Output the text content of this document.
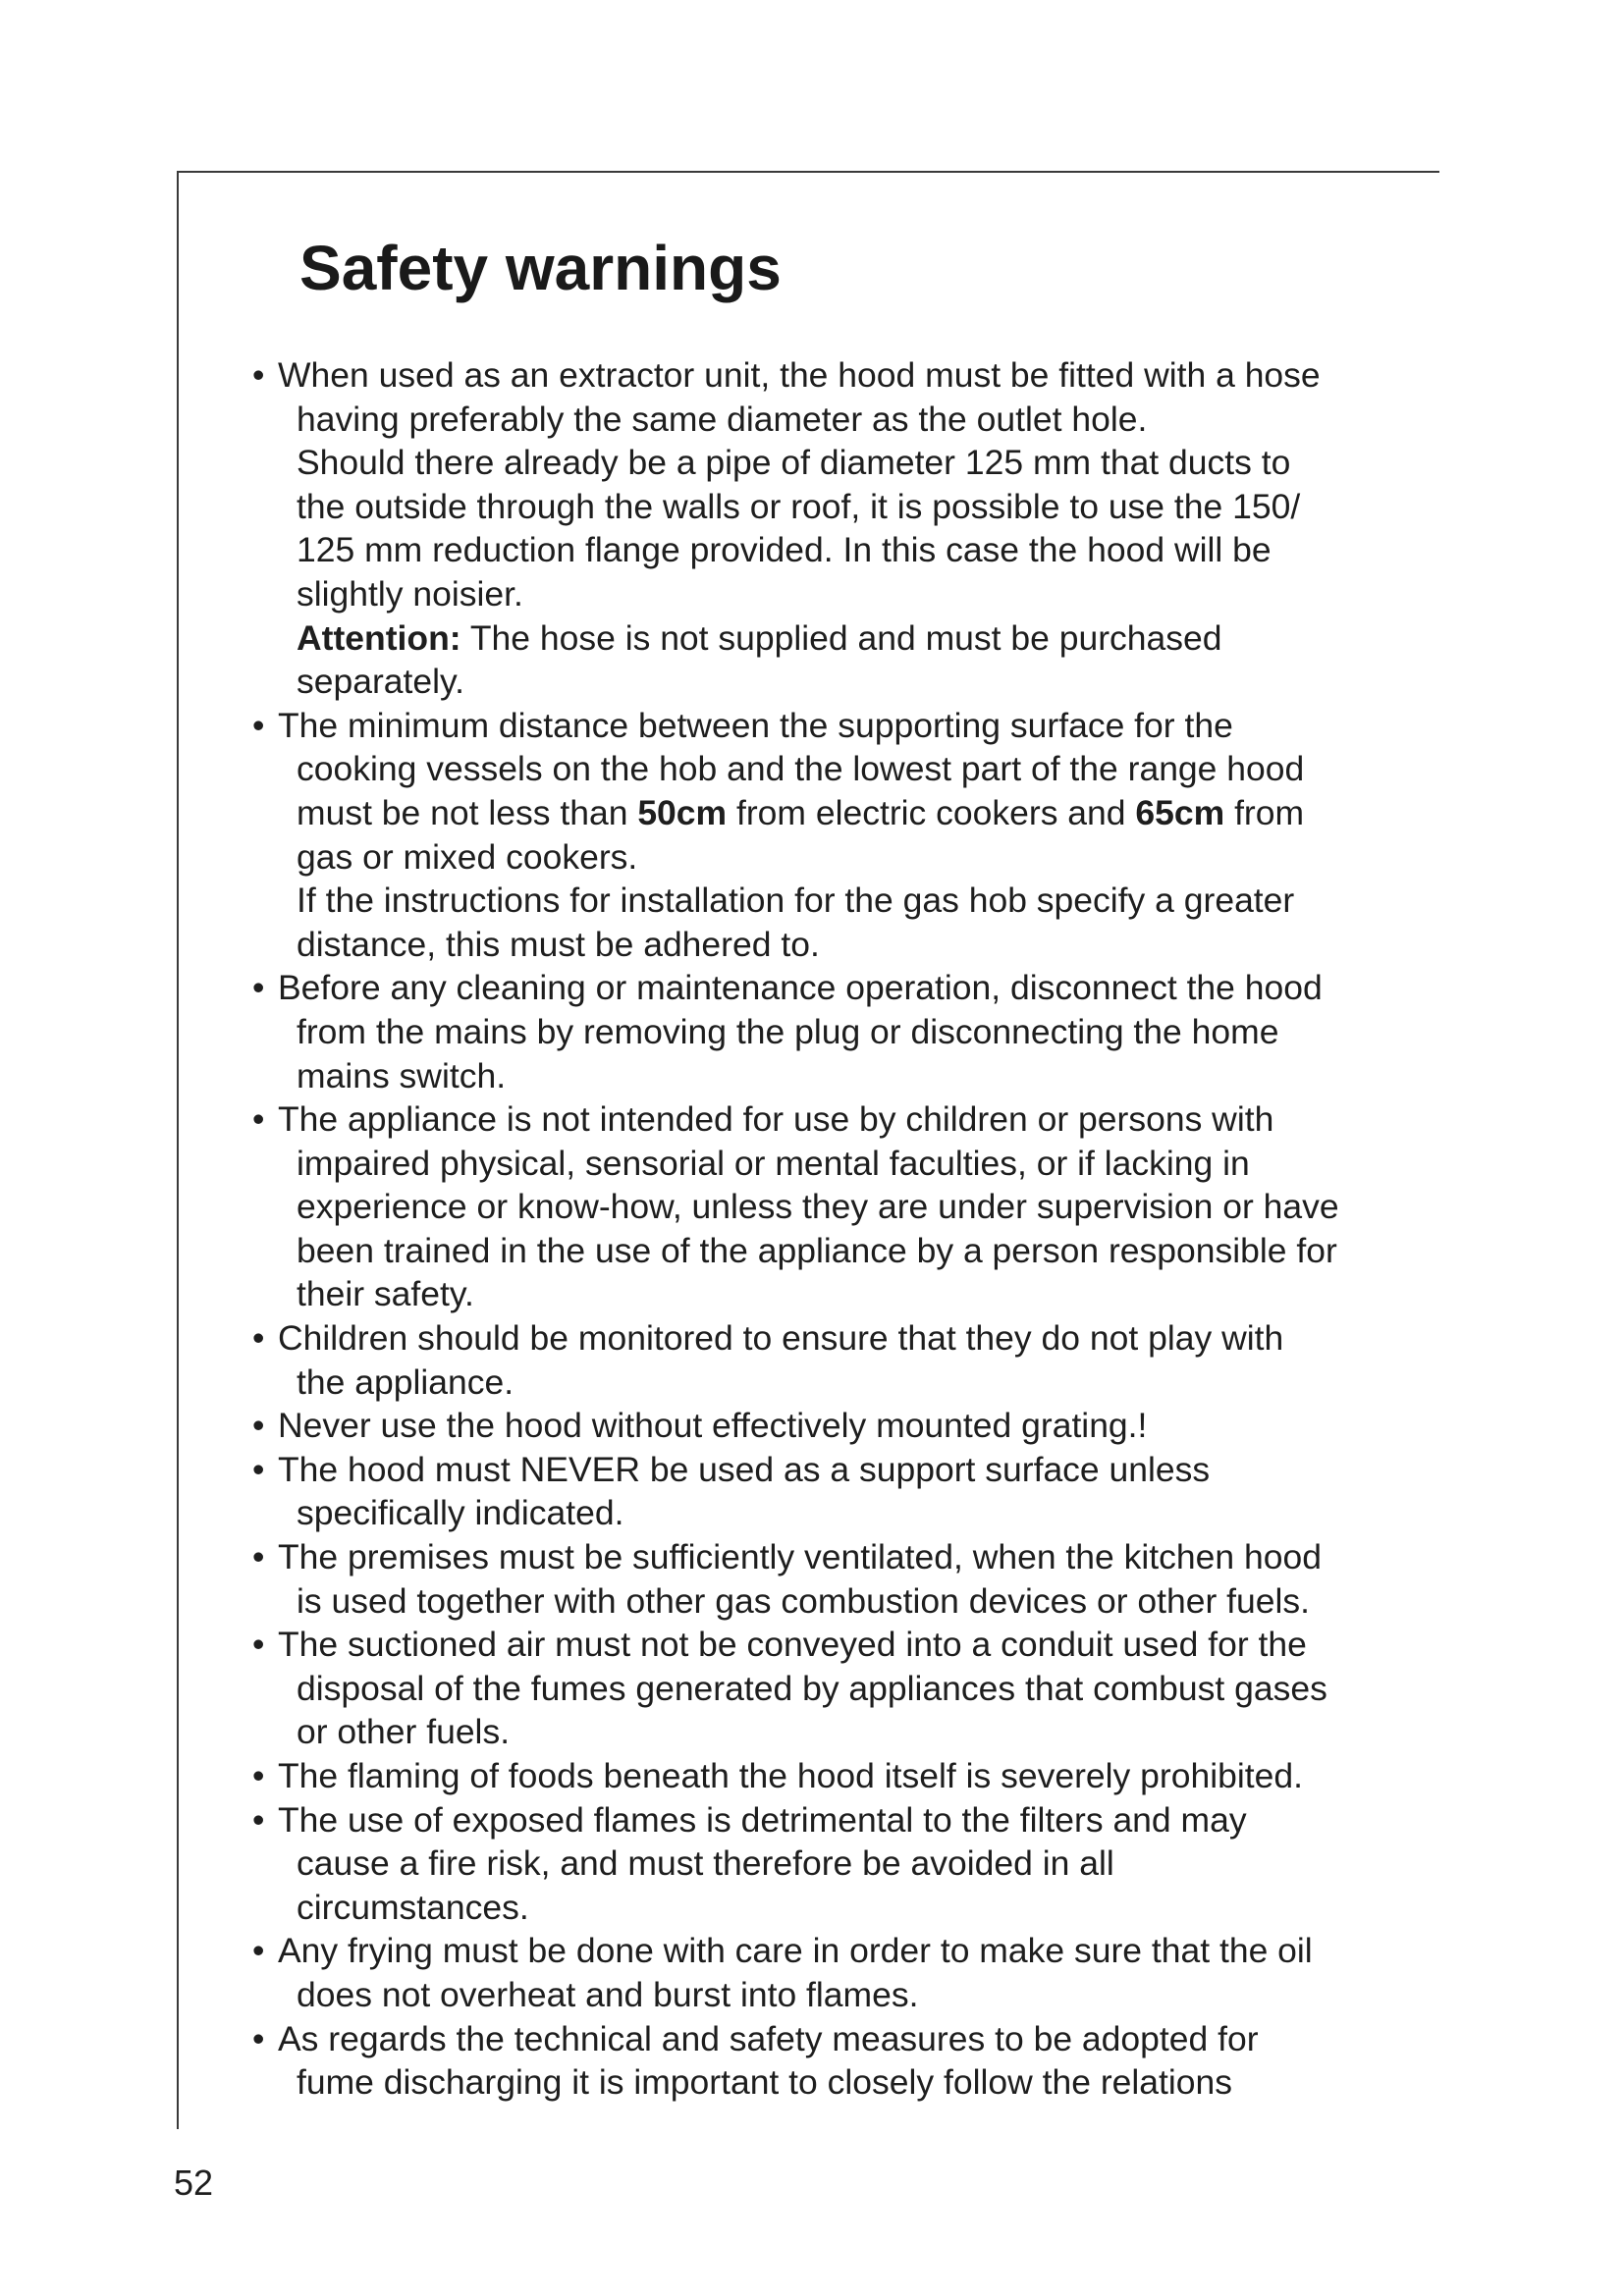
Safety warnings
• When used as an extractor unit, the hood must be fitted with a hose
having preferably the same diameter as the outlet hole.
Should there already be a pipe of diameter 125 mm that ducts to
the outside through the walls or roof, it is possible to use the 150/
125 mm reduction flange provided. In this case the hood will be
slightly noisier.
Attention: The hose is not supplied and must be purchased
separately.
• The minimum distance between the supporting surface for the
cooking vessels on the hob and the lowest part of the range hood
must be not less than 50cm from electric cookers and 65cm from
gas or mixed cookers.
If the instructions for installation for the gas hob specify a greater
distance, this must be adhered to.
• Before any cleaning or maintenance operation, disconnect the hood
from the mains by removing the plug or disconnecting the home
mains switch.
• The appliance is not intended for use by children or persons with
impaired physical, sensorial or mental faculties, or if lacking in
experience or know-how, unless they are under supervision or have
been trained in the use of the appliance by a person responsible for
their safety.
• Children should be monitored to ensure that they do not play with
the appliance.
• Never use the hood without effectively mounted grating.!
• The hood must NEVER be used as a support surface unless
specifically indicated.
• The premises must be sufficiently ventilated, when the kitchen hood
is used together with other gas combustion devices or other fuels.
• The suctioned air must not be conveyed into a conduit used for the
disposal of the fumes generated by appliances that combust gases
or other fuels.
• The flaming of foods beneath the hood itself is severely prohibited.
• The use of exposed flames is detrimental to the filters and may
cause a fire risk, and must therefore be avoided in all
circumstances.
• Any frying must be done with care in order to make sure that the oil
does not overheat and burst into flames.
• As regards the technical and safety measures to be adopted for
fume discharging it is important to closely follow the relations
52
